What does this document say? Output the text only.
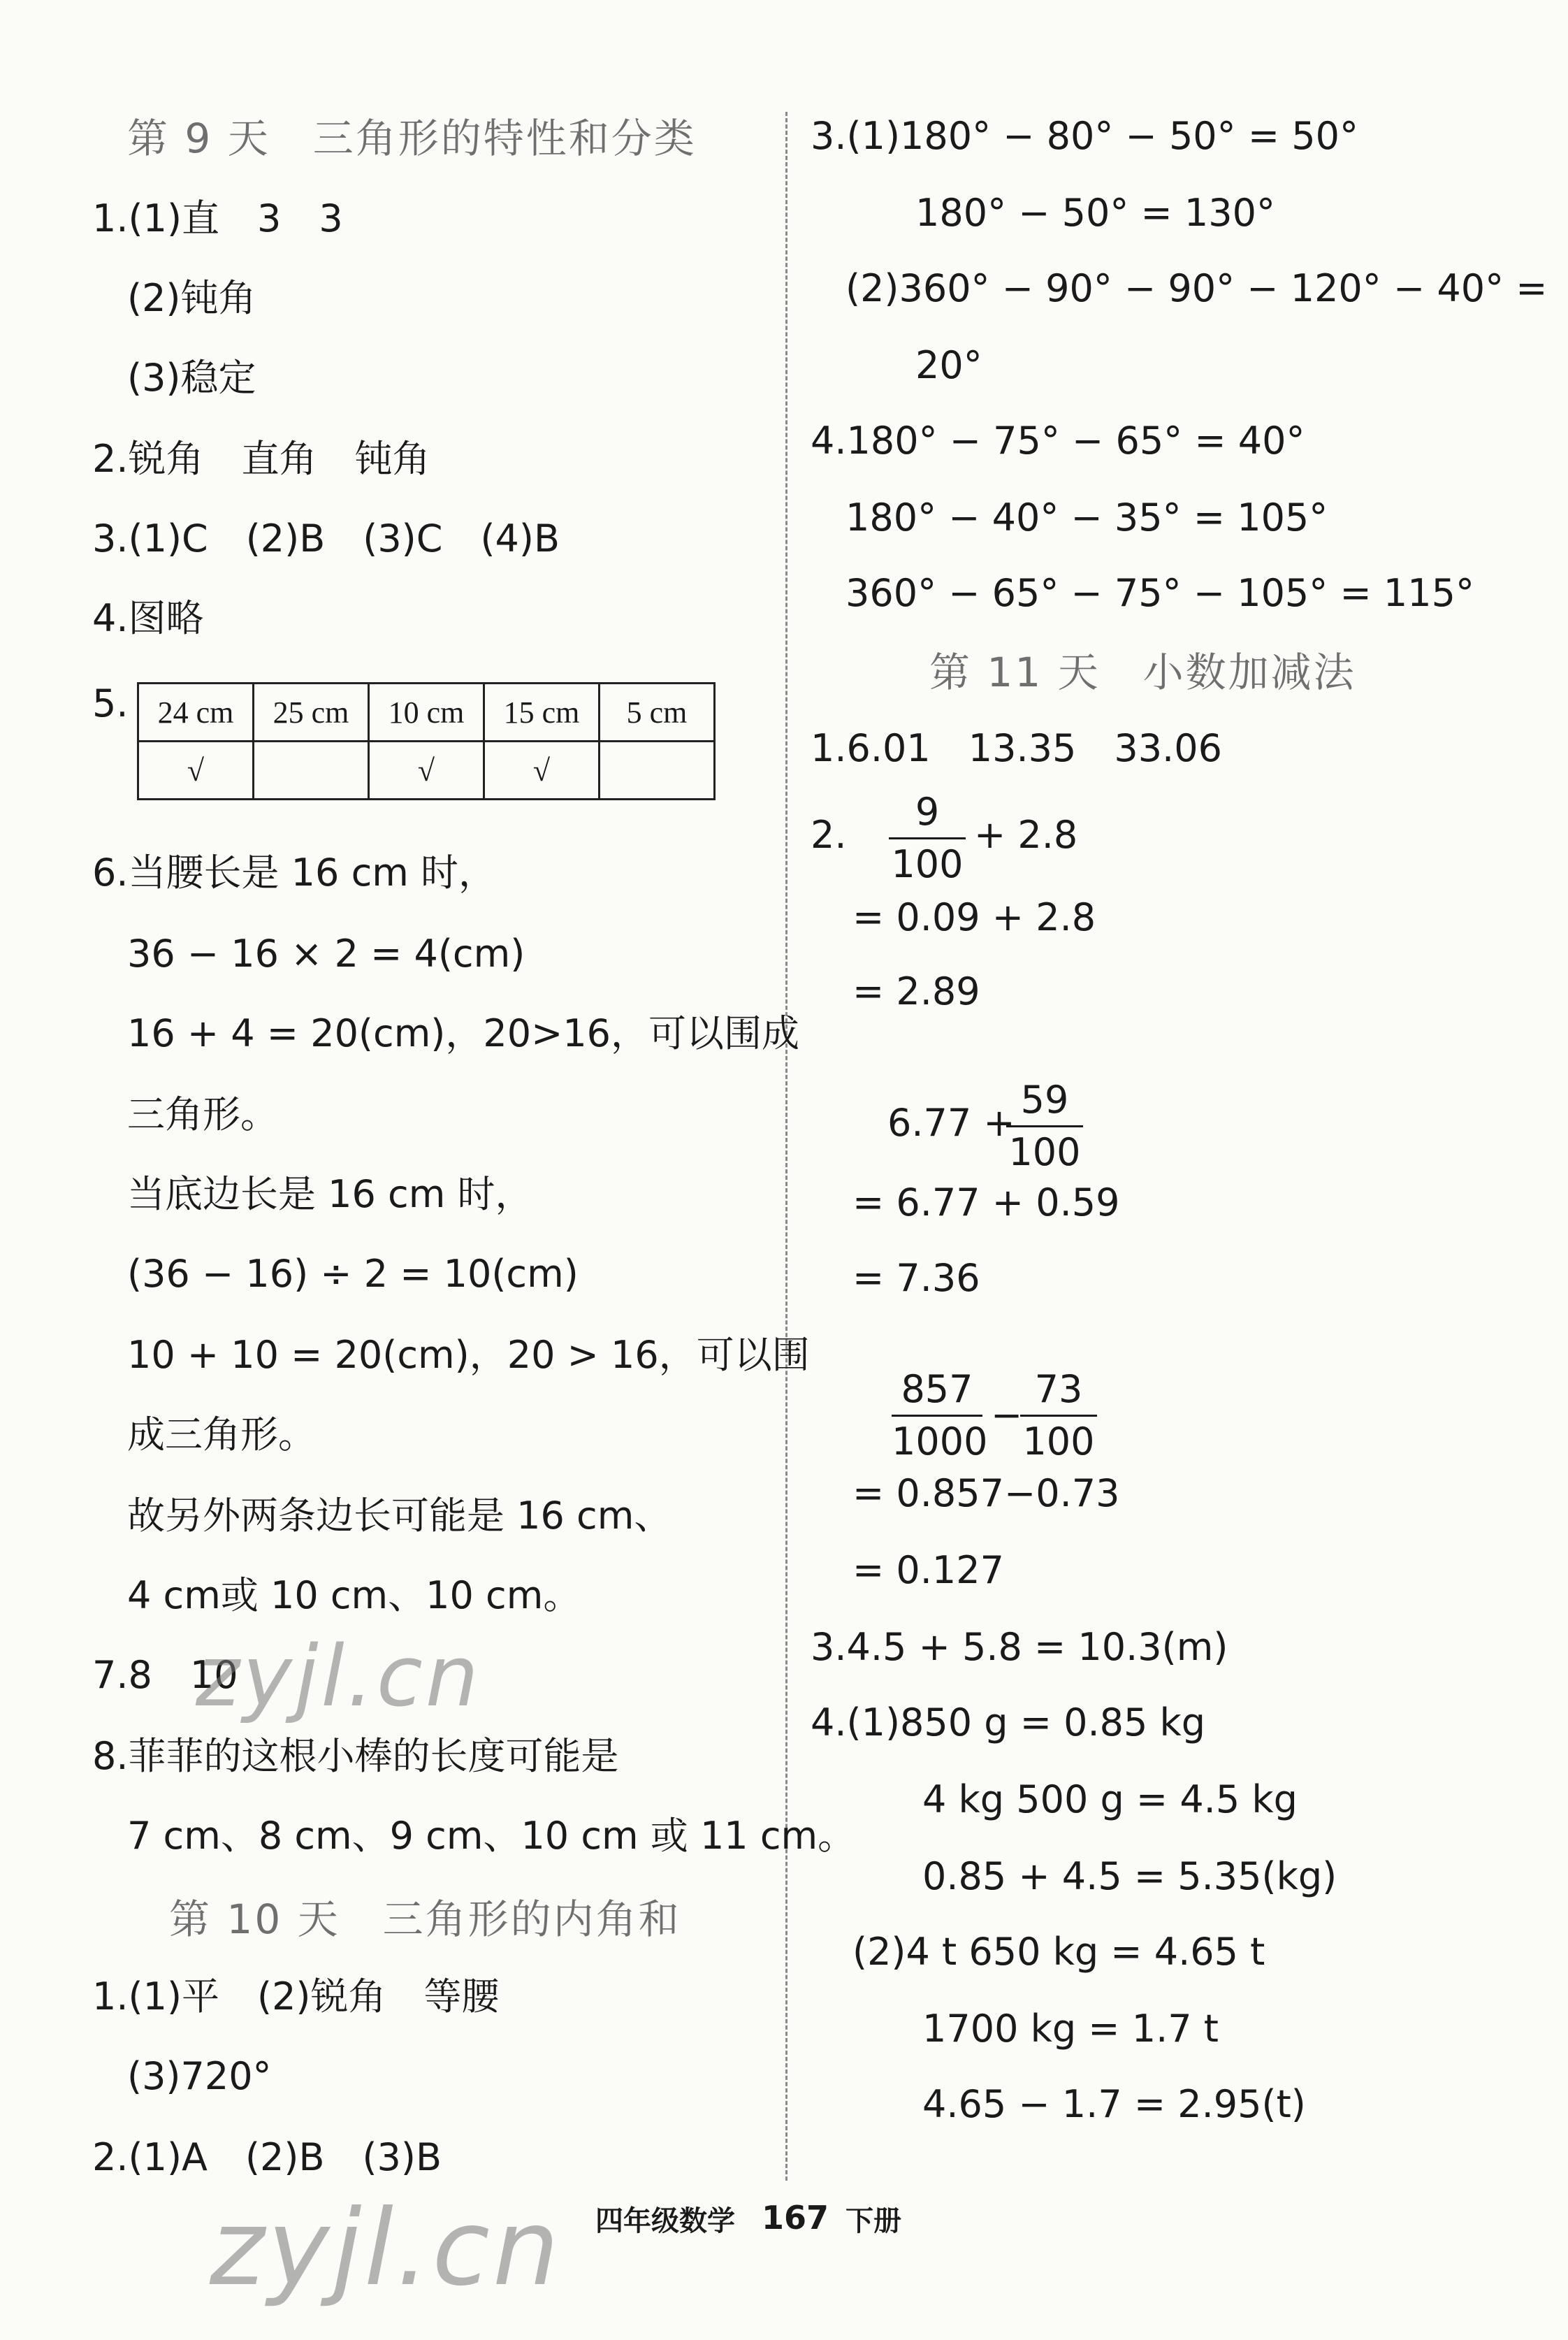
第 9 天　三角形的特性和分类
1.(1)直　3　3
(2)钝角
(3)稳定
2.锐角　直角　钝角
3.(1)C　(2)B　(3)C　(4)B
4.图略
5. 24 cm	25 cm	10 cm	15 cm	5 cm
√		√	√	
6.当腰长是 16 cm 时，
36 − 16 × 2 = 4(cm)
16 + 4 = 20(cm)，20>16，可以围成
三角形。
当底边长是 16 cm 时，
(36 − 16) ÷ 2 = 10(cm)
10 + 10 = 20(cm)，20 > 16，可以围
成三角形。
故另外两条边长可能是 16 cm、
4 cm或 10 cm、10 cm。
7.8　10
8.菲菲的这根小棒的长度可能是
7 cm、8 cm、9 cm、10 cm 或 11 cm。
第 10 天　三角形的内角和
1.(1)平　(2)锐角　等腰
(3)720°
2.(1)A　(2)B　(3)B
3.(1)180° − 80° − 50° = 50°
180° − 50° = 130°
(2)360° − 90° − 90° − 120° − 40° =
20°
4.180° − 75° − 65° = 40°
180° − 40° − 35° = 105°
360° − 65° − 75° − 105° = 115°
第 11 天　小数加减法
1.6.01　13.35　33.06
2.
9
100
+ 2.8
= 0.09 + 2.8
= 2.89
6.77 +
59
100
= 6.77 + 0.59
= 7.36
857
1000
−
73
100
= 0.857−0.73
= 0.127
3.4.5 + 5.8 = 10.3(m)
4.(1)850 g = 0.85 kg
4 kg 500 g = 4.5 kg
0.85 + 4.5 = 5.35(kg)
(2)4 t 650 kg = 4.65 t
1700 kg = 1.7 t
4.65 − 1.7 = 2.95(t)
zyjl.cn
zyjl.cn 四年级数学 167 下册
